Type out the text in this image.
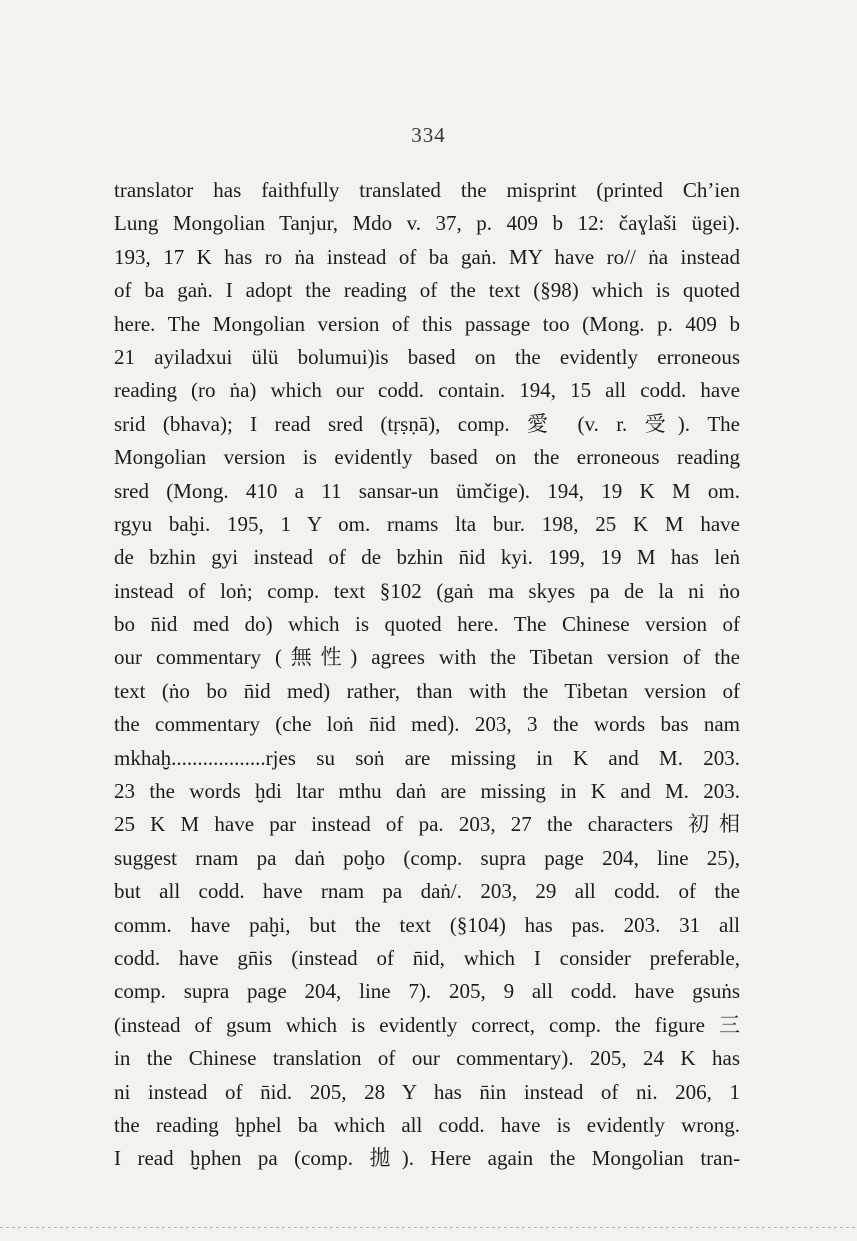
334
translator has faithfully translated the misprint (printed Ch’ien
Lung Mongolian Tanjur, Mdo v. 37, p. 409 b 12: čaɣlaši ügei).
193, 17 K has ro ṅa instead of ba gaṅ. MY have ro// ṅa instead
of ba gaṅ. I adopt the reading of the text (§98) which is quoted
here. The Mongolian version of this passage too (Mong. p. 409 b
21 ayiladxui ülü bolumui)is based on the evidently erroneous
reading (ro ṅa) which our codd. contain. 194, 15 all codd. have
srid (bhava); I read sred (tṛṣṇā), comp. 愛 (v. r. 受). The
Mongolian version is evidently based on the erroneous reading
sred (Mong. 410 a 11 sansar-un ümčige). 194, 19 K M om.
rgyu baḫi. 195, 1 Y om. rnams lta bur. 198, 25 K M have
de bzhin gyi instead of de bzhin n̄id kyi. 199, 19 M has leṅ
instead of loṅ; comp. text §102 (gaṅ ma skyes pa de la ni ṅo
bo n̄id med do) which is quoted here. The Chinese version of
our commentary (無性) agrees with the Tibetan version of the
text (ṅo bo n̄id med) rather, than with the Tibetan version of
the commentary (che loṅ n̄id med). 203, 3 the words bas nam
mkhaḫ..................rjes su soṅ are missing in K and M. 203.
23 the words ḫdi ltar mthu daṅ are missing in K and M. 203.
25 K M have par instead of pa. 203, 27 the characters 初相
suggest rnam pa daṅ poḫo (comp. supra page 204, line 25),
but all codd. have rnam pa daṅ/. 203, 29 all codd. of the
comm. have paḫi, but the text (§104) has pas. 203. 31 all
codd. have gn̄is (instead of n̄id, which I consider preferable,
comp. supra page 204, line 7). 205, 9 all codd. have gsuṅs
(instead of gsum which is evidently correct, comp. the figure 三
in the Chinese translation of our commentary). 205, 24 K has
ni instead of n̄id. 205, 28 Y has n̄in instead of ni. 206, 1
the reading ḫphel ba which all codd. have is evidently wrong.
I read ḫphen pa (comp. 拋). Here again the Mongolian tran-
